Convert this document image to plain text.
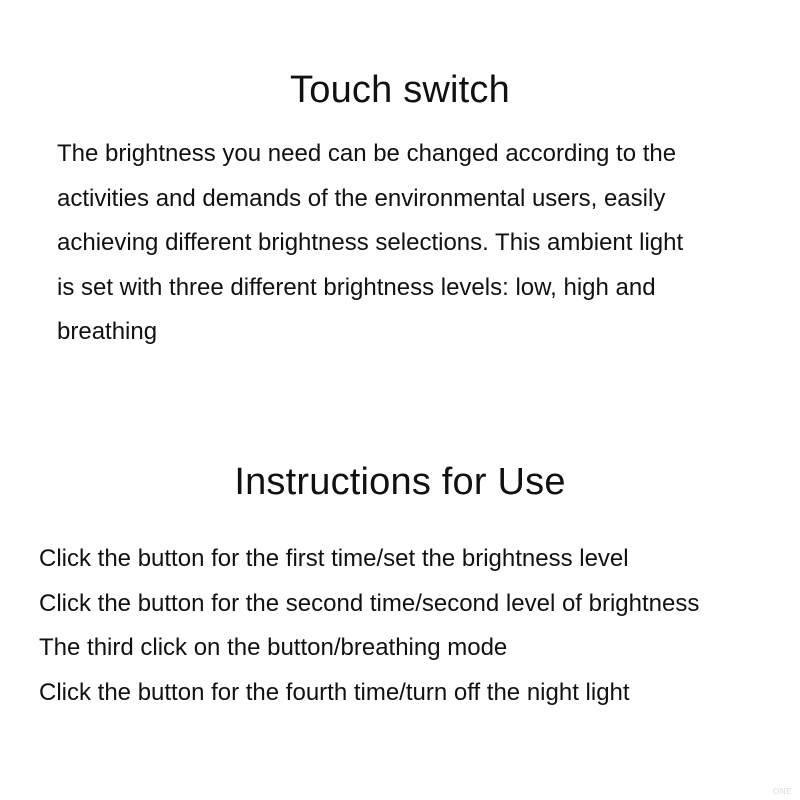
Touch switch

The brightness you need can be changed according to the
activities and demands of the environmental users, easily
achieving different brightness selections. This ambient light
is set with three different brightness levels: low, high and
breathing

Instructions for Use
Click the button for the first time/set the brightness level
Click the button for the second time/second level of brightness
The third click on the button/breathing mode
Click the button for the fourth time/turn off the night light
ONE
